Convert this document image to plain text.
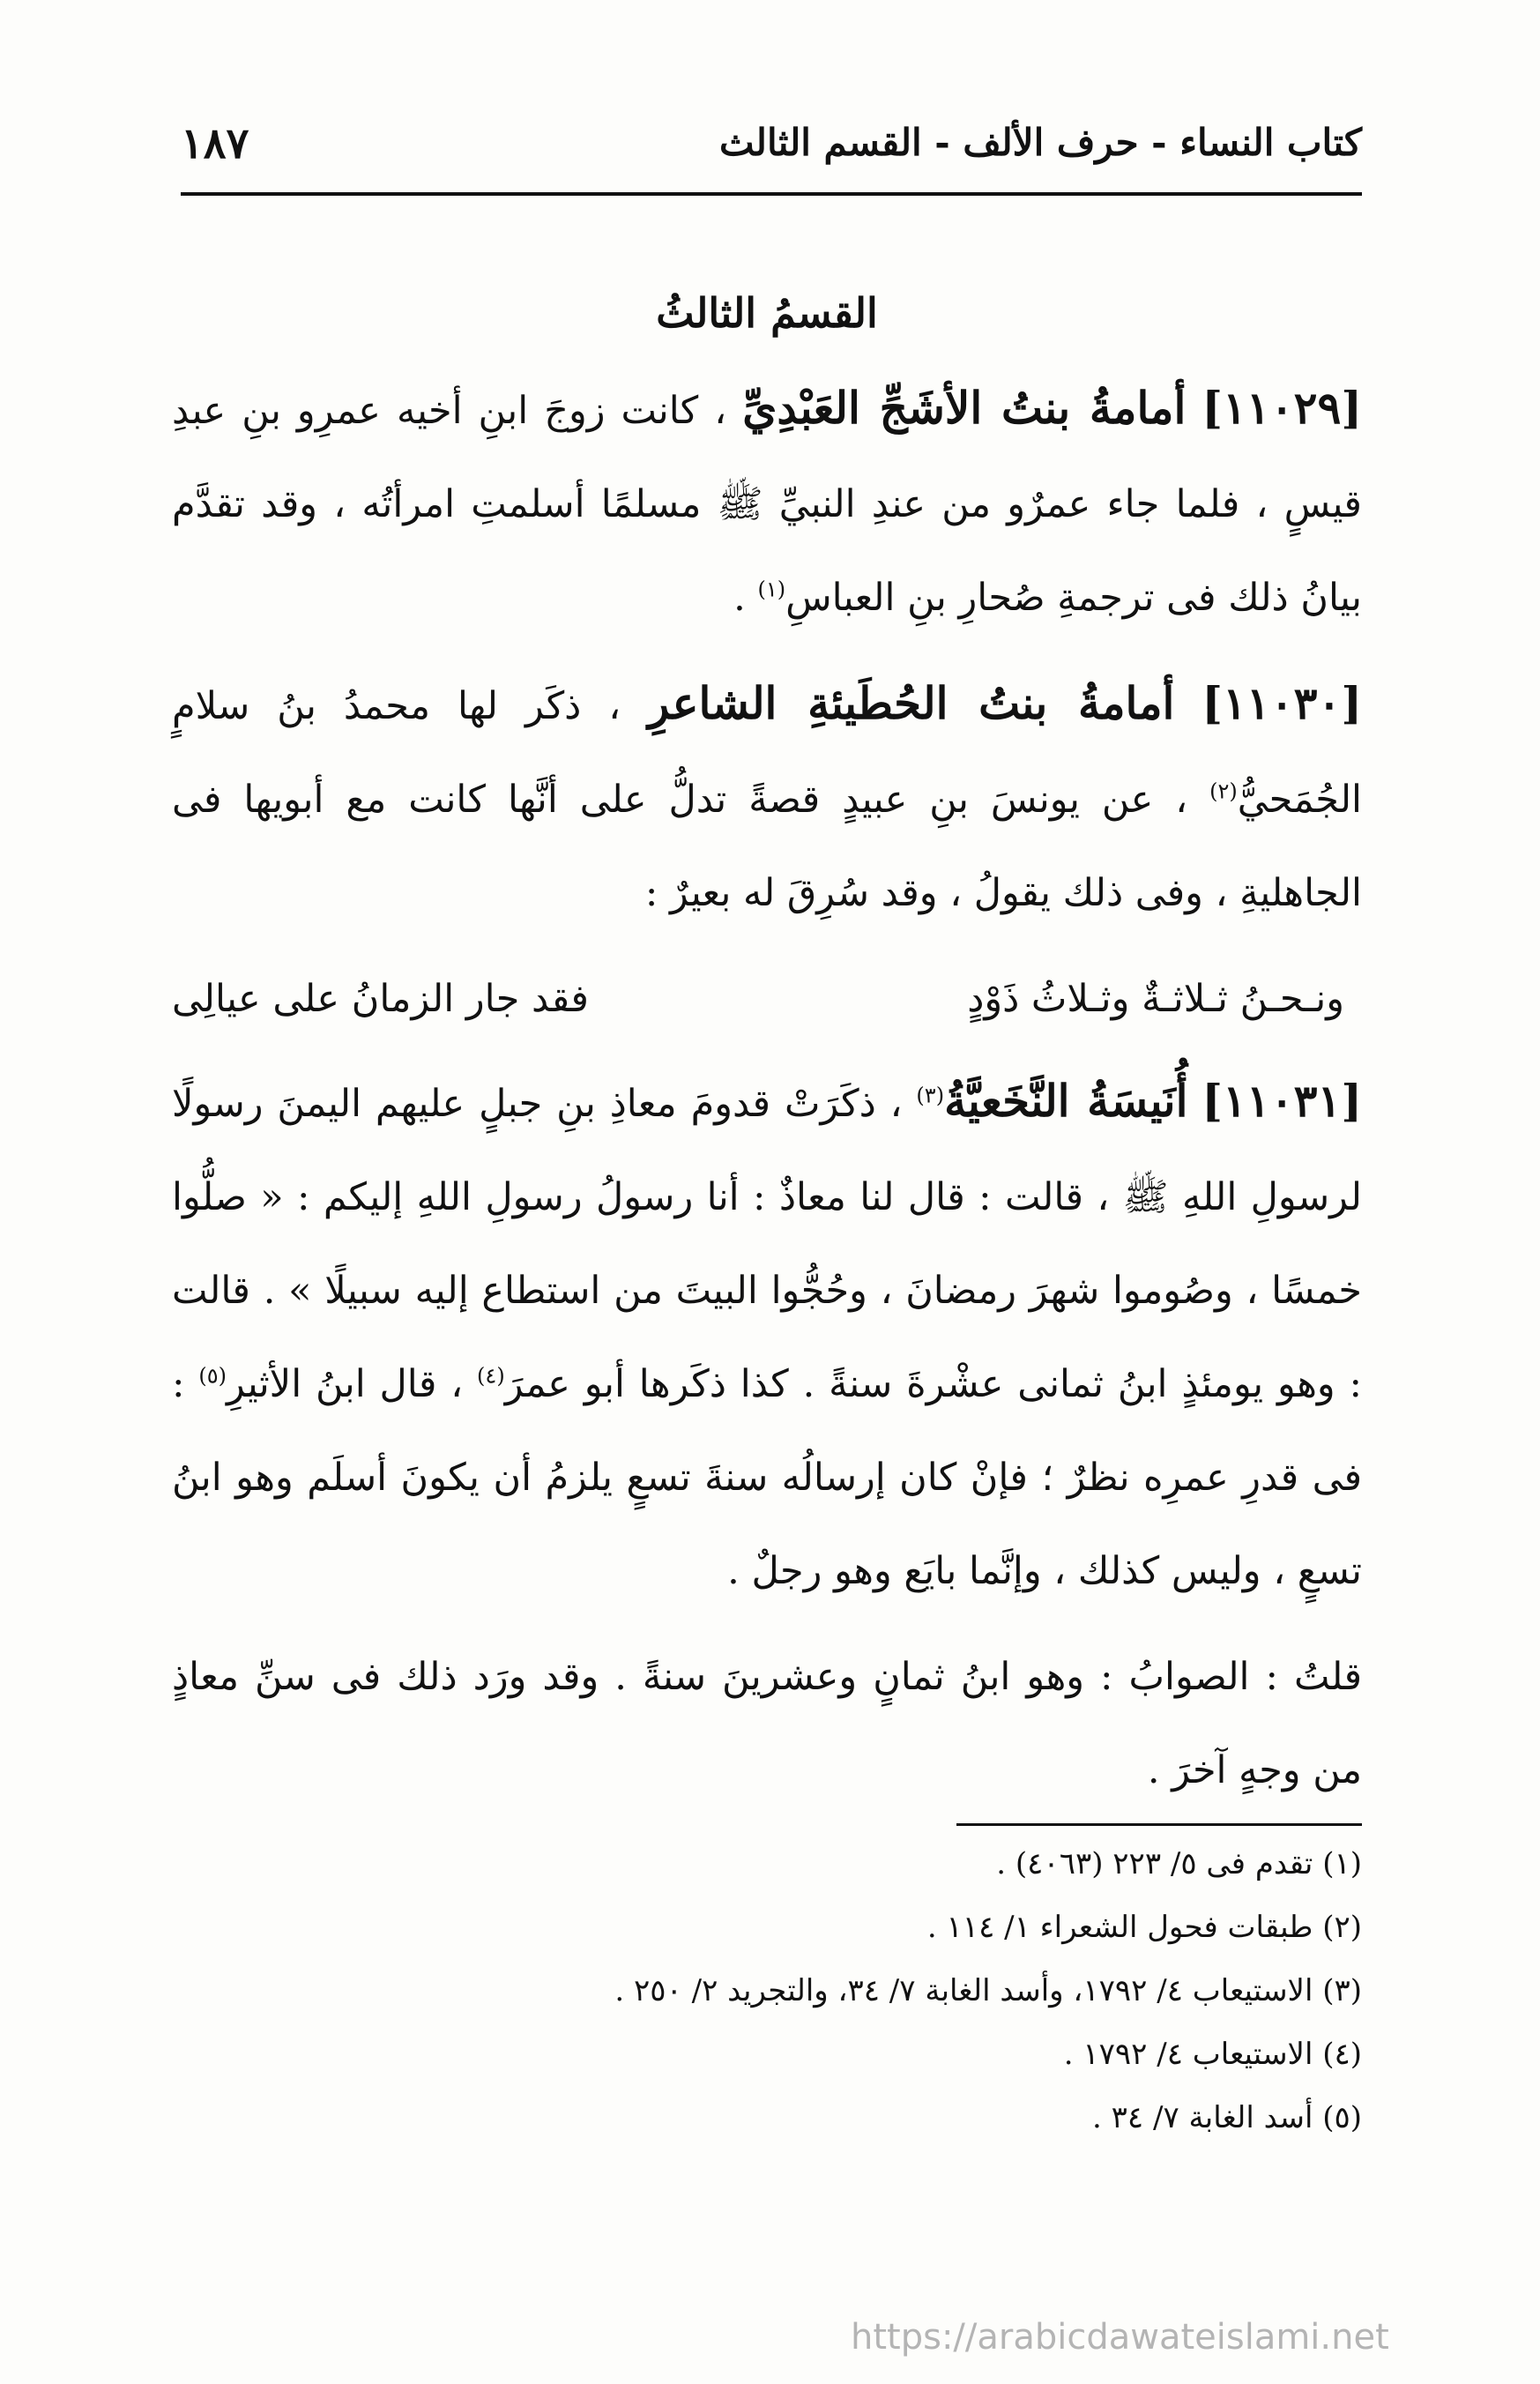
١٨٧	كتاب النساء - حرف الألف - القسم الثالث
القسمُ الثالثُ

[١١٠٢٩] أمامةُ بنتُ الأشَجِّ العَبْدِيِّ ، كانت زوجَ ابنِ أخيه عمرِو بنِ عبدِ قيسٍ ، فلما جاء عمرٌو من عندِ النبيِّ ﷺ مسلمًا أسلمتِ امرأتُه ، وقد تقدَّم بيانُ ذلك فى ترجمةِ صُحارِ بنِ العباسِ$^{(١)}$ .

[١١٠٣٠] أمامةُ بنتُ الحُطَيئةِ الشاعرِ ، ذكَر لها محمدُ بنُ سلامٍ الجُمَحيُّ$^{(٢)}$ ، عن يونسَ بنِ عبيدٍ قصةً تدلُّ على أنَّها كانت مع أبويها فى الجاهليةِ ، وفى ذلك يقولُ ، وقد سُرِقَ له بعيرٌ :

ونـحـنُ ثـلاثـةٌ وثـلاثُ ذَوْدٍ
فقد جار الزمانُ على عيالِى

[١١٠٣١] أُنَيسَةُ النَّخَعيَّةُ$^{(٣)}$ ، ذكَرَتْ قدومَ معاذِ بنِ جبلٍ عليهم اليمنَ رسولًا لرسولِ اللهِ ﷺ ، قالت : قال لنا معاذٌ : أنا رسولُ رسولِ اللهِ إليكم : « صلُّوا خمسًا ، وصُوموا شهرَ رمضانَ ، وحُجُّوا البيتَ من استطاع إليه سبيلًا » . قالت : وهو يومئذٍ ابنُ ثمانى عشْرةَ سنةً . كذا ذكَرها أبو عمرَ$^{(٤)}$ ، قال ابنُ الأثيرِ$^{(٥)}$ : فى قدرِ عمرِه نظرٌ ؛ فإنْ كان إرسالُه سنةَ تسعٍ يلزمُ أن يكونَ أسلَم وهو ابنُ تسعٍ ، وليس كذلك ، وإنَّما بايَع وهو رجلٌ .

قلتُ : الصوابُ : وهو ابنُ ثمانٍ وعشرينَ سنةً . وقد ورَد ذلك فى سنِّ معاذٍ من وجهٍ آخرَ .

(١) تقدم فى ٥/ ٢٢٣ (٤٠٦٣) .

(٢) طبقات فحول الشعراء ١/ ١١٤ .

(٣) الاستيعاب ٤/ ١٧٩٢، وأسد الغابة ٧/ ٣٤، والتجريد ٢/ ٢٥٠ .

(٤) الاستيعاب ٤/ ١٧٩٢ .

(٥) أسد الغابة ٧/ ٣٤ .

https://arabicdawateislami.net
